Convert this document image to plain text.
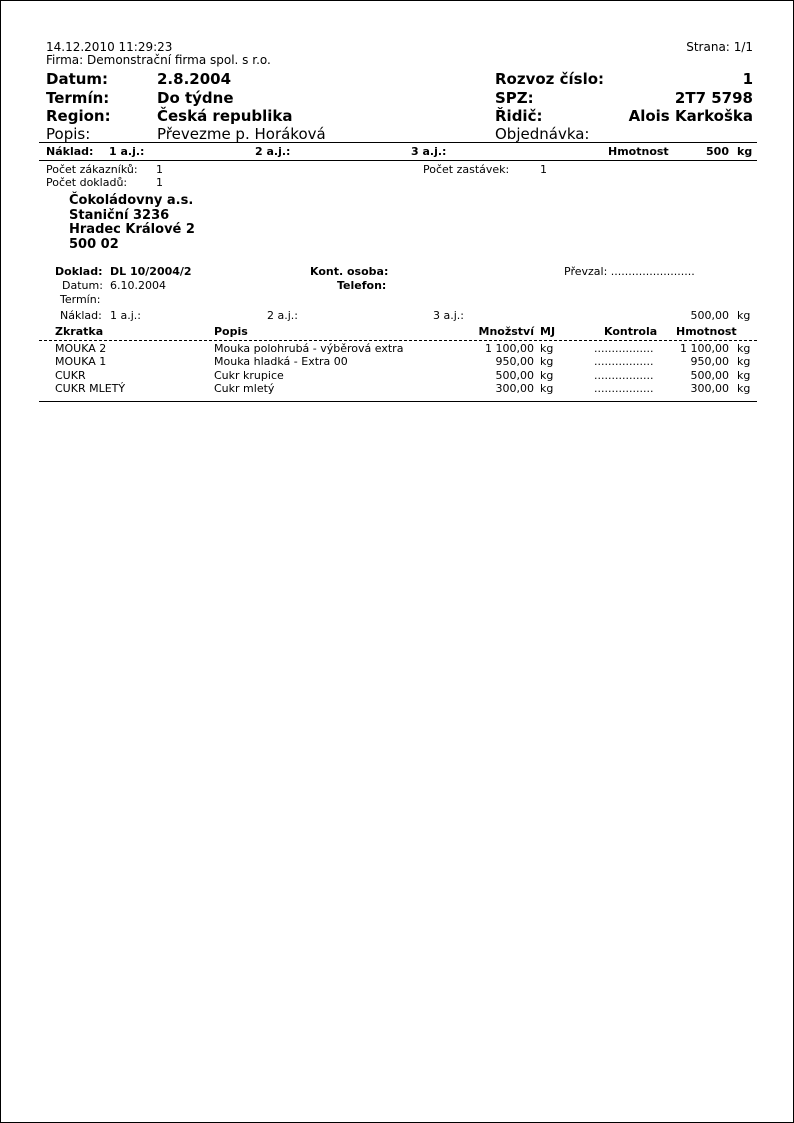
14.12.2010 11:29:23
Firma: Demonstrační firma spol. s r.o.
Strana: 1/1
Datum:	2.8.2004
Termín:	Do týdne
Region:	Česká republika
Popis:	Převezme p. Horáková
Rozvoz číslo:	1
SPZ:	2T7 5798
Řidič:	Alois Karkoška
Objednávka:
Náklad: 1 a.j.:	2 a.j.:	3 a.j.:	Hmotnost	500 kg
Počet zákazníků: 1
Počet dokladů:	1
Počet zastávek:	1
Čokoládovny a.s.
Staniční 3236
Hradec Králové 2
500 02
Doklad: DL 10/2004/2
Datum: 6.10.2004
Termín:
Kont. osoba:
Telefon:
Převzal: ........................
Náklad: 1 a.j.:	2 a.j.:	3 a.j.:	500,00 kg
Zkratka	Popis	Množství MJ	Kontrola Hmotnost
MOUKA 2	Mouka polohrubá - výběrová extra	1 100,00 kg	................. 1 100,00 kg
MOUKA 1	Mouka hladká - Extra 00	950,00 kg	.................	950,00 kg
CUKR	Cukr krupice	500,00 kg	.................	500,00 kg
CUKR MLETÝ	Cukr mletý	300,00 kg	.................	300,00 kg
